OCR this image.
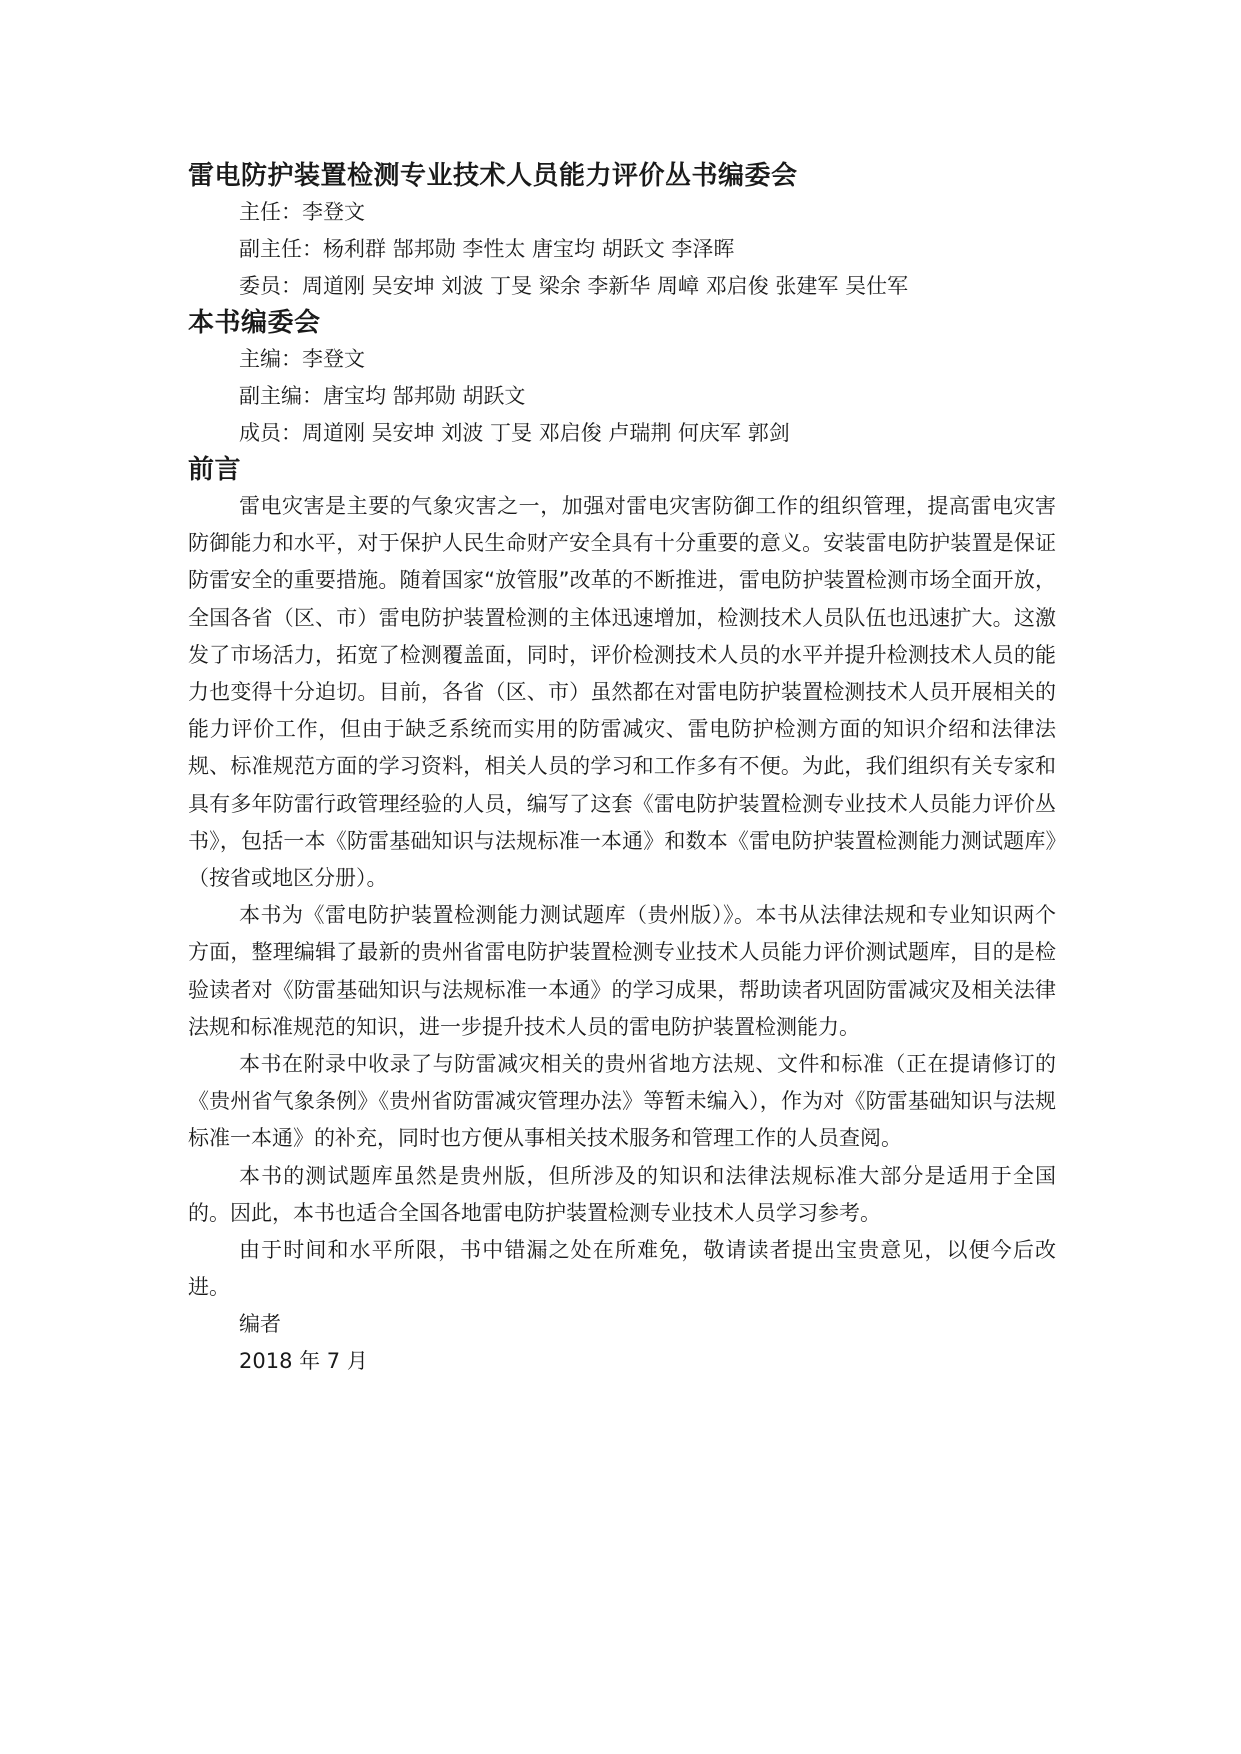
雷电防护装置检测专业技术人员能力评价丛书编委会
主任：李登文
副主任：杨利群 郜邦勋 李性太 唐宝均 胡跃文 李泽晖
委员：周道刚 吴安坤 刘波 丁旻 梁余 李新华 周嶂 邓启俊 张建军 吴仕军
本书编委会
主编：李登文
副主编：唐宝均 郜邦勋 胡跃文
成员：周道刚 吴安坤 刘波 丁旻 邓启俊 卢瑞荆 何庆军 郭剑
前言

雷电灾害是主要的气象灾害之一，加强对雷电灾害防御工作的组织管理，提高雷电灾害防御能力和水平，对于保护人民生命财产安全具有十分重要的意义。安装雷电防护装置是保证防雷安全的重要措施。随着国家“放管服”改革的不断推进，雷电防护装置检测市场全面开放，全国各省（区、市）雷电防护装置检测的主体迅速增加，检测技术人员队伍也迅速扩大。这激发了市场活力，拓宽了检测覆盖面，同时，评价检测技术人员的水平并提升检测技术人员的能力也变得十分迫切。目前，各省（区、市）虽然都在对雷电防护装置检测技术人员开展相关的能力评价工作，但由于缺乏系统而实用的防雷减灾、雷电防护检测方面的知识介绍和法律法规、标准规范方面的学习资料，相关人员的学习和工作多有不便。为此，我们组织有关专家和具有多年防雷行政管理经验的人员，编写了这套《雷电防护装置检测专业技术人员能力评价丛书》，包括一本《防雷基础知识与法规标准一本通》和数本《雷电防护装置检测能力测试题库》（按省或地区分册）。

本书为《雷电防护装置检测能力测试题库（贵州版）》。本书从法律法规和专业知识两个方面，整理编辑了最新的贵州省雷电防护装置检测专业技术人员能力评价测试题库，目的是检验读者对《防雷基础知识与法规标准一本通》的学习成果，帮助读者巩固防雷减灾及相关法律法规和标准规范的知识，进一步提升技术人员的雷电防护装置检测能力。

本书在附录中收录了与防雷减灾相关的贵州省地方法规、文件和标准（正在提请修订的《贵州省气象条例》《贵州省防雷减灾管理办法》等暂未编入），作为对《防雷基础知识与法规标准一本通》的补充，同时也方便从事相关技术服务和管理工作的人员查阅。

本书的测试题库虽然是贵州版，但所涉及的知识和法律法规标准大部分是适用于全国的。因此，本书也适合全国各地雷电防护装置检测专业技术人员学习参考。

由于时间和水平所限，书中错漏之处在所难免，敬请读者提出宝贵意见，以便今后改进。

编者
2018 年 7 月
